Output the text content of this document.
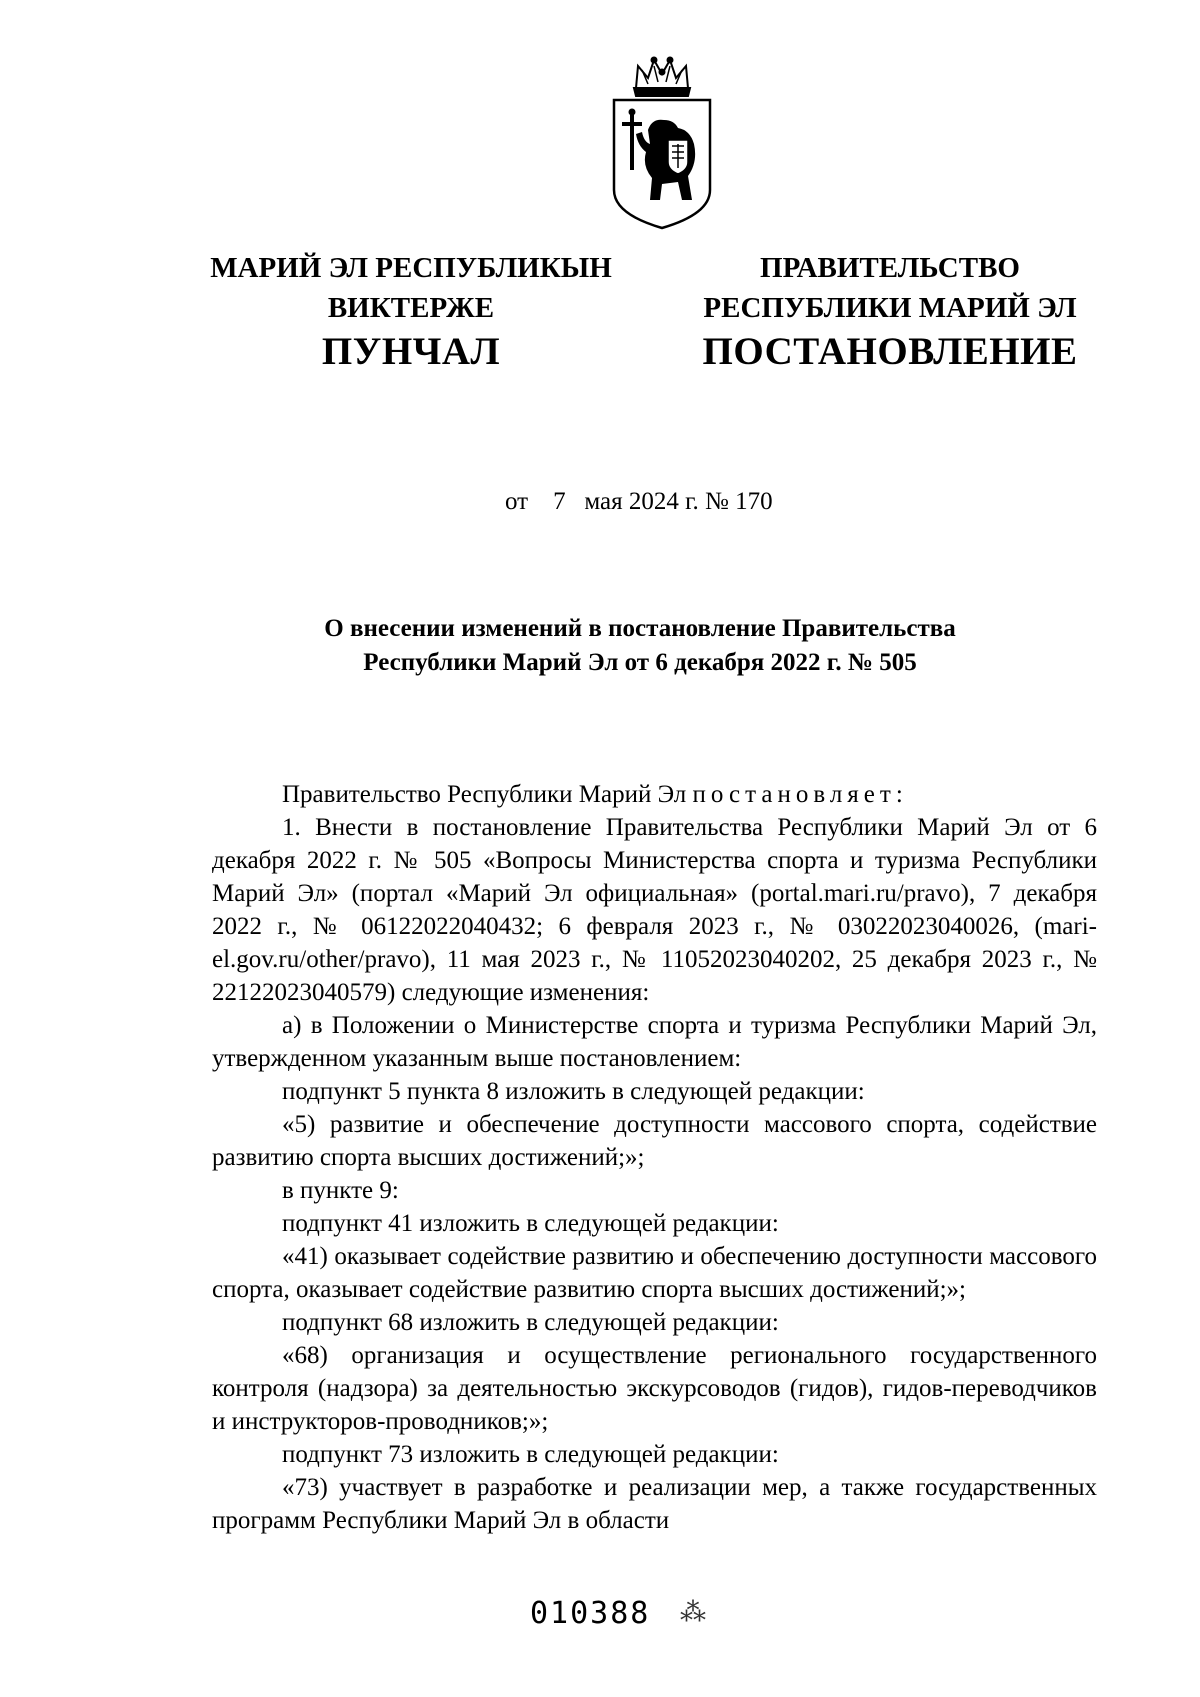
МАРИЙ ЭЛ РЕСПУБЛИКЫН
ВИКТЕРЖЕ
ПУНЧАЛ
ПРАВИТЕЛЬСТВО
РЕСПУБЛИКИ МАРИЙ ЭЛ
ПОСТАНОВЛЕНИЕ
от    7   мая 2024 г. № 170
О внесении изменений в постановление Правительства
Республики Марий Эл от 6 декабря 2022 г. № 505

Правительство Республики Марий Эл постановляет:

1. Внести в постановление Правительства Республики Марий Эл от 6 декабря 2022 г. № 505 «Вопросы Министерства спорта и туризма Республики Марий Эл» (портал «Марий Эл официальная» (portal.mari.ru/pravo), 7 декабря 2022 г., № 06122022040432; 6 февраля 2023 г., № 03022023040026, (mari-el.gov.ru/other/pravo), 11 мая 2023 г., № 11052023040202, 25 декабря 2023 г., № 22122023040579) следующие изменения:

а) в Положении о Министерстве спорта и туризма Республики Марий Эл, утвержденном указанным выше постановлением:

подпункт 5 пункта 8 изложить в следующей редакции:

«5) развитие и обеспечение доступности массового спорта, содействие развитию спорта высших достижений;»;

в пункте 9:

подпункт 41 изложить в следующей редакции:

«41) оказывает содействие развитию и обеспечению доступности массового спорта, оказывает содействие развитию спорта высших достижений;»;

подпункт 68 изложить в следующей редакции:

«68) организация и осуществление регионального государственного контроля (надзора) за деятельностью экскурсоводов (гидов), гидов-переводчиков и инструкторов-проводников;»;

подпункт 73 изложить в следующей редакции:

«73) участвует в разработке и реализации мер, а также государственных программ Республики Марий Эл в области

010388 ⁂
